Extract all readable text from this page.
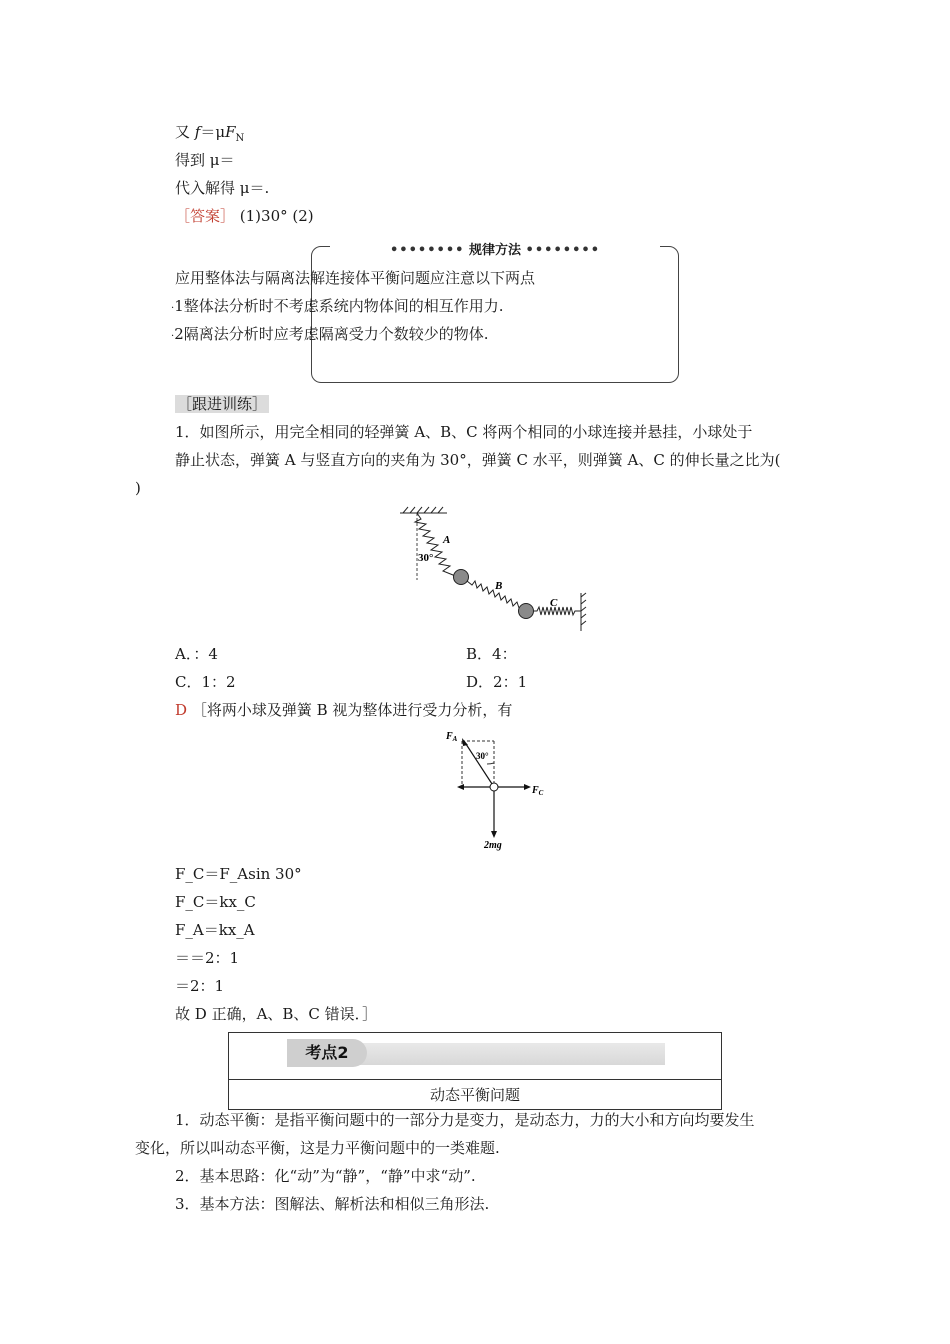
又 $f=\mu F_N$
得到 μ＝
代入解得 μ＝.
［答案］ (1)30° (2)
•••••••• 规律方法 ••••••••
应用整体法与隔离法解连接体平衡问题应注意以下两点
·1整体法分析时不考虑系统内物体间的相互作用力.
·2隔离法分析时应考虑隔离受力个数较少的物体.
［跟进训练］
1．如图所示，用完全相同的轻弹簧 A、B、C 将两个相同的小球连接并悬挂，小球处于
静止状态，弹簧 A 与竖直方向的夹角为 30°，弹簧 C 水平，则弹簧 A、C 的伸长量之比为(
)
30°
A
B
C
A．：4	B．4：
C．1：2	D．2：1
D ［将两小球及弹簧 B 视为整体进行受力分析，有
$F_A$
30°
$F_C$
2mg
F_C＝F_Asin 30°
F_C＝kx_C
F_A＝kx_A
＝＝2：1
＝2：1
故 D 正确，A、B、C 错误．］
考点2
动态平衡问题
1．动态平衡：是指平衡问题中的一部分力是变力，是动态力，力的大小和方向均要发生
变化，所以叫动态平衡，这是力平衡问题中的一类难题.
2．基本思路：化“动”为“静”，“静”中求“动”.
3．基本方法：图解法、解析法和相似三角形法.
